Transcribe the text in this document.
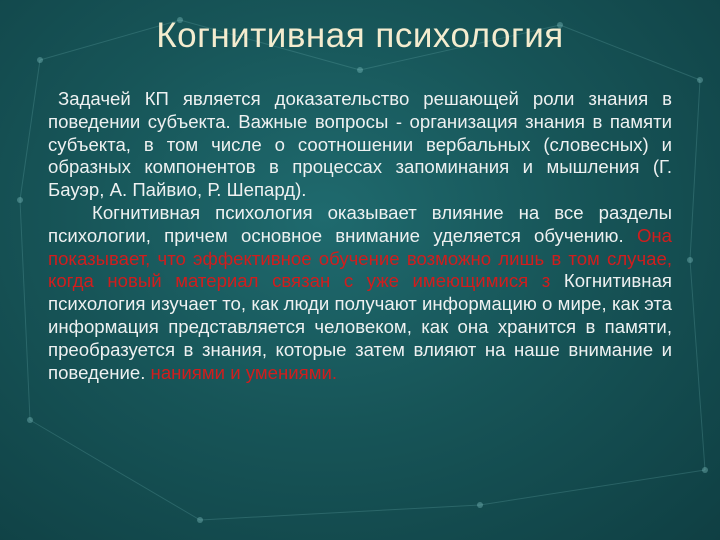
Когнитивная психология

Задачей КП является доказательство решающей роли знания в поведении субъекта. Важные вопросы - организация знания в памяти субъекта, в том числе о соотношении вербальных (словесных) и образных компонентов в процессах запоминания и мышления (Г. Бауэр, А. Пайвио, Р. Шепард).

Когнитивная психология оказывает влияние на все разделы психологии, причем основное внимание уделяется обучению. Она показывает, что эффективное обучение возможно лишь в том случае, когда новый материал связан с уже имеющимися з Когнитивная психология изучает то, как люди получают информацию о мире, как эта информация представляется человеком, как она хранится в памяти, преобразуется в знания, которые затем влияют на наше внимание и поведение. наниями и умениями.
